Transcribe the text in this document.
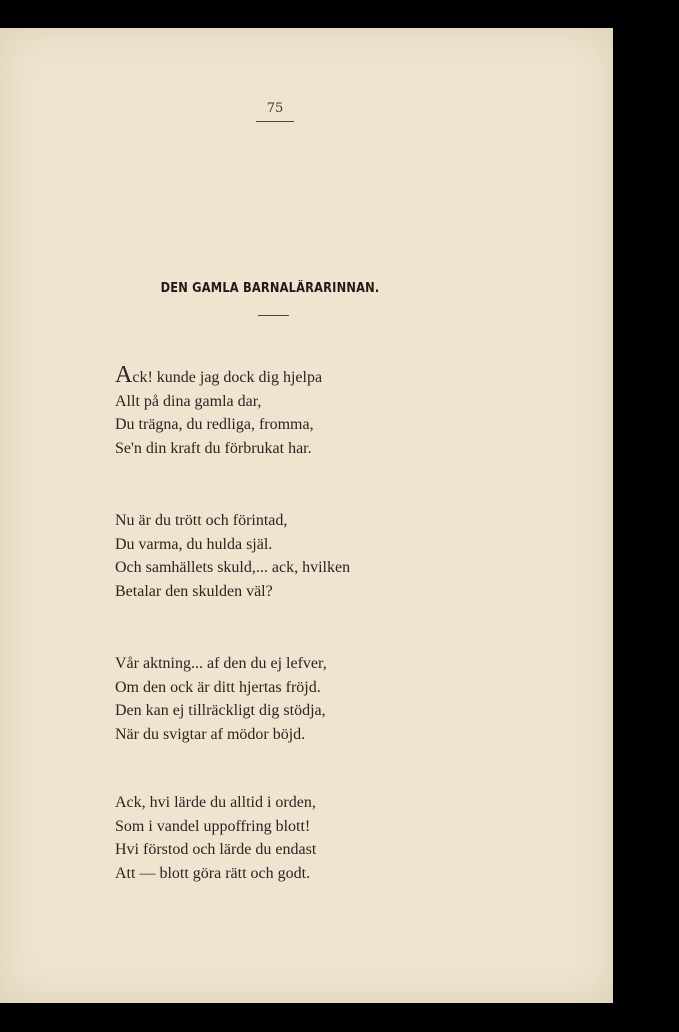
75
DEN GAMLA BARNALÄRARINNAN.
Ack! kunde jag dock dig hjelpa
Allt på dina gamla dar,
Du trägna, du redliga, fromma,
Se'n din kraft du förbrukat har.
Nu är du trött och förintad,
Du varma, du hulda själ.
Och samhällets skuld,... ack, hvilken
Betalar den skulden väl?
Vår aktning... af den du ej lefver,
Om den ock är ditt hjertas fröjd.
Den kan ej tillräckligt dig stödja,
När du svigtar af mödor böjd.
Ack, hvi lärde du alltid i orden,
Som i vandel uppoffring blott!
Hvi förstod och lärde du endast
Att — blott göra rätt och godt.
